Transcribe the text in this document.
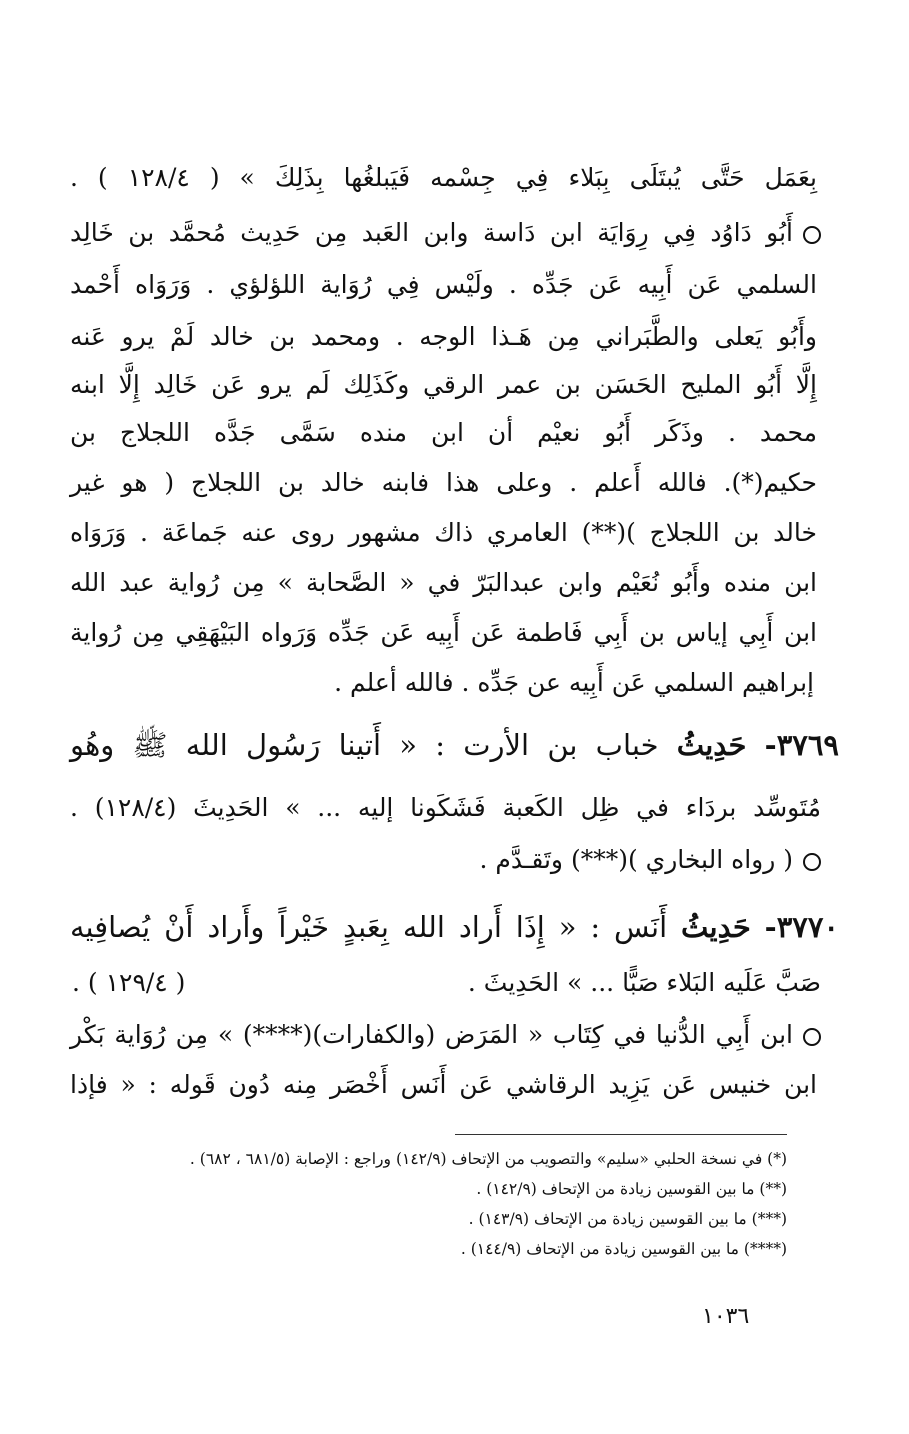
بِعَمَل حَتَّى يُبتَلَى بِبَلاء فِي جِسْمه فَيَبلغُها بِذَلِكَ » ( ١٢٨/٤ ) .
أَبُو دَاوُد فِي رِوَايَة ابن دَاسة وابن العَبد مِن حَدِيث مُحمَّد بن خَالِد
السلمي عَن أَبِيه عَن جَدِّه . ولَيْس فِي رُوَاية اللؤلؤي . وَرَوَاه أَحْمد
وأَبُو يَعلى والطَّبَراني مِن هَـذا الوجه . ومحمد بن خالد لَمْ يرو عَنه
إِلَّا أَبُو المليح الحَسَن بن عمر الرقي وكَذَلِك لَم يرو عَن خَالِد إِلَّا ابنه
محمد . وذَكَر أَبُو نعيْم أن ابن منده سَمَّى جَدَّه اللجلاج بن
حكيم(*). فالله أَعلم . وعلى هذا فابنه خالد بن اللجلاج ( هو غير
خالد بن اللجلاج )(**) العامري ذاك مشهور روى عنه جَماعَة . وَرَوَاه
ابن منده وأَبُو نُعَيْم وابن عبدالبَرّ في « الصَّحابة » مِن رُواية عبد الله
ابن أَبِي إياس بن أَبِي فَاطمة عَن أَبِيه عَن جَدِّه وَرَواه البَيْهَقِي مِن رُواية
إبراهيم السلمي عَن أَبِيه عن جَدِّه . فالله أعلم .
٣٧٦٩- حَدِيثُ خباب بن الأرت : « أَتينا رَسُول الله ﷺ وهُو
مُتَوسِّد بردَاء في ظِل الكَعبة فَشَكَونا إليه ... » الحَدِيثَ (١٢٨/٤) .
( رواه البخاري )(***) وتَقـدَّم .
٣٧٧٠- حَدِيثُ أَنَس : « إِذَا أَراد الله بِعَبدٍ خَيْراً وأَراد أَنْ يُصافِيه
صَبَّ عَلَيه البَلاء صَبًّا ... » الحَدِيثَ .
( ١٢٩/٤ ) .
ابن أَبِي الدُّنيا في كِتَاب « المَرَض (والكفارات)(****) » مِن رُوَاية بَكْر
ابن خنيس عَن يَزِيد الرقاشي عَن أَنَس أَخْصَر مِنه دُون قَوله : « فإذا
(*) في نسخة الحلبي «سليم» والتصويب من الإتحاف (١٤٢/٩) وراجع : الإصابة (٦٨١/٥ ، ٦٨٢) .
(**) ما بين القوسين زيادة من الإتحاف (١٤٢/٩) .
(***) ما بين القوسين زيادة من الإتحاف (١٤٣/٩) .
(****) ما بين القوسين زيادة من الإتحاف (١٤٤/٩) .
١٠٣٦
